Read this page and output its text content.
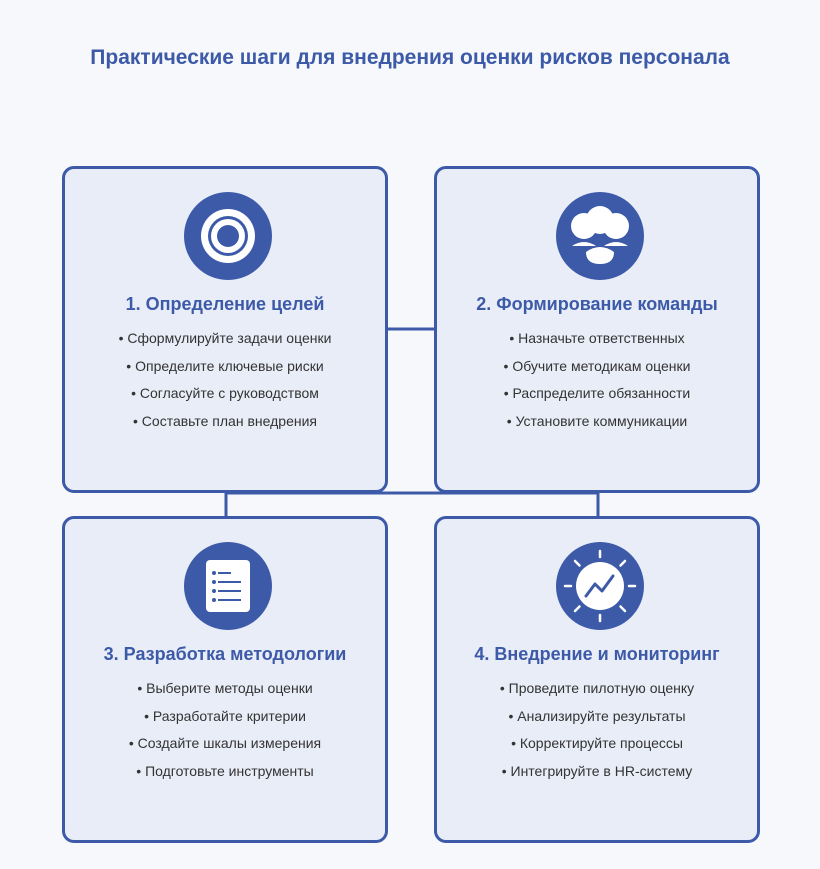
Практические шаги для внедрения оценки рисков персонала
1. Определение целей
• Сформулируйте задачи оценки
• Определите ключевые риски
• Согласуйте с руководством
• Составьте план внедрения
2. Формирование команды
• Назначьте ответственных
• Обучите методикам оценки
• Распределите обязанности
• Установите коммуникации
3. Разработка методологии
• Выберите методы оценки
• Разработайте критерии
• Создайте шкалы измерения
• Подготовьте инструменты
4. Внедрение и мониторинг
• Проведите пилотную оценку
• Анализируйте результаты
• Корректируйте процессы
• Интегрируйте в HR-систему
